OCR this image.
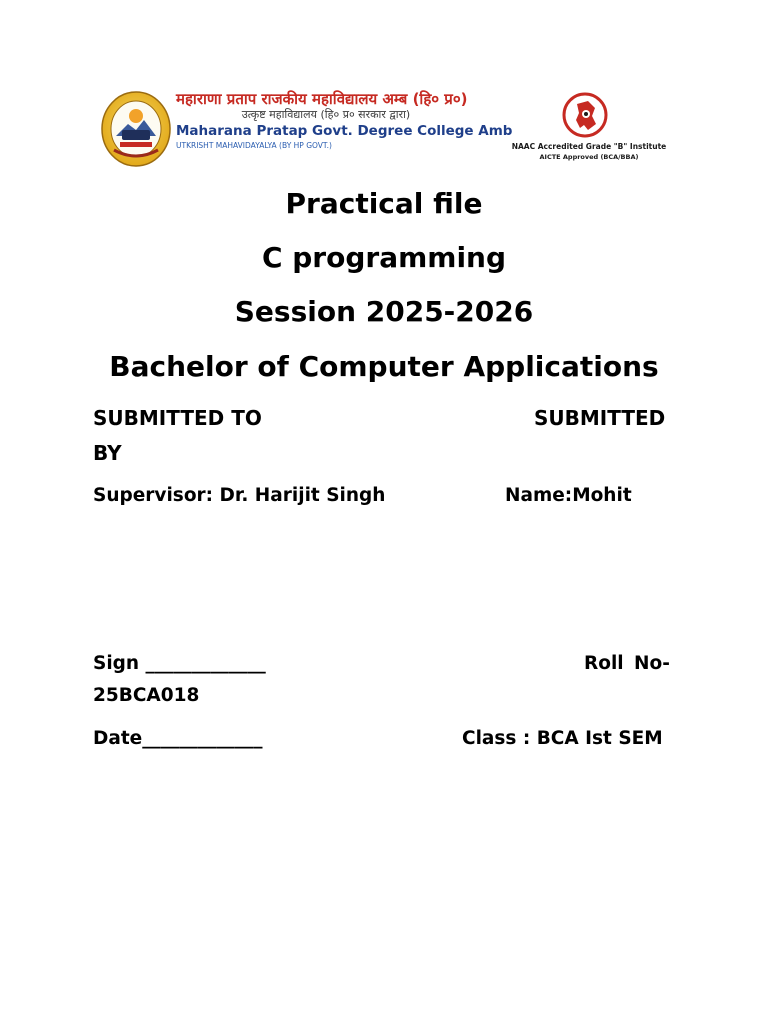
महाराणा प्रताप राजकीय महाविद्यालय अम्ब (हि० प्र०)
उत्कृष्ट महाविद्यालय (हि० प्र० सरकार द्वारा)
Maharana Pratap Govt. Degree College Amb
UTKRISHT MAHAVIDAYALYA (BY HP GOVT.)	NAAC Accredited Grade "B" Institute
AICTE Approved (BCA/BBA)
Practical file
C programming
Session 2025-2026
Bachelor of Computer Applications
SUBMITTED TO	SUBMITTED
BY
Supervisor: Dr. Harijit Singh	Name:Mohit
Sign _____________	Roll No-
25BCA018
Date_____________	Class : BCA Ist SEM
